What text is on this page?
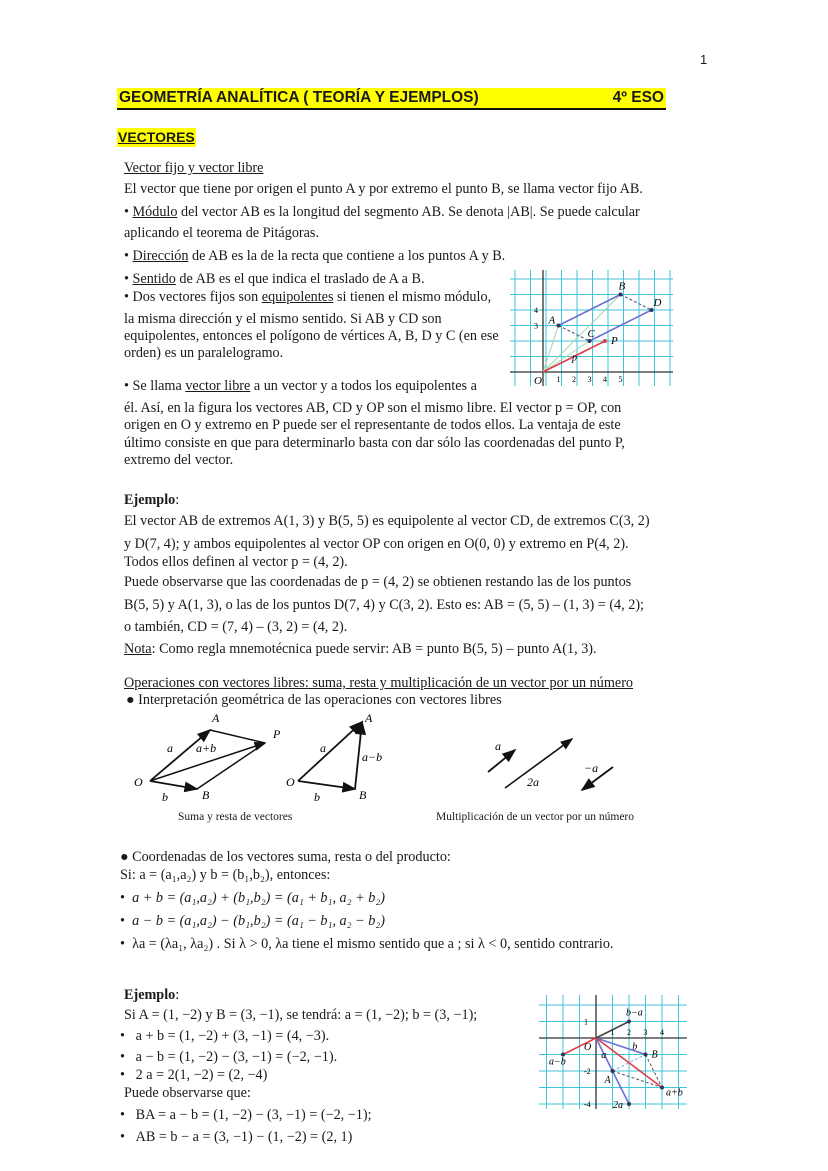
1
GEOMETRÍA ANALÍTICA ( TEORÍA Y EJEMPLOS)	4º ESO
VECTORES
Vector fijo y vector libre
El vector que tiene por origen el punto A y por extremo el punto B, se llama vector fijo AB.
• Módulo del vector AB es la longitud del segmento AB. Se denota |AB|. Se puede calcular
aplicando el teorema de Pitágoras.
• Dirección de AB es la de la recta que contiene a los puntos A y B.
• Sentido de AB es el que indica el traslado de A a B.
• Dos vectores fijos son equipolentes si tienen el mismo módulo,
la misma dirección y el mismo sentido. Si AB y CD son
equipolentes, entonces el polígono de vértices A, B, D y C (en ese
orden) es un paralelogramo.
• Se llama vector libre a un vector y a todos los equipolentes a
él. Así, en la figura los vectores AB, CD y OP son el mismo libre. El vector p = OP, con
origen en O y extremo en P puede ser el representante de todos ellos. La ventaja de este
último consiste en que para determinarlo basta con dar sólo las coordenadas del punto P,
extremo del vector.
O
A
B
C
D
P
1 2 3 4 5
3
4
p
Ejemplo:
El vector AB de extremos A(1, 3) y B(5, 5) es equipolente al vector CD, de extremos C(3, 2)
y D(7, 4); y ambos equipolentes al vector OP con origen en O(0, 0) y extremo en P(4, 2).
Todos ellos definen al vector p = (4, 2).
Puede observarse que las coordenadas de p = (4, 2) se obtienen restando las de los puntos
B(5, 5) y A(1, 3), o las de los puntos D(7, 4) y C(3, 2). Esto es: AB = (5, 5) – (1, 3) = (4, 2);
o también, CD = (7, 4) – (3, 2) = (4, 2).
Nota: Como regla mnemotécnica puede servir: AB = punto B(5, 5) – punto A(1, 3).
Operaciones con vectores libres: suma, resta y multiplicación de un vector por un número
● Interpretación geométrica de las operaciones con vectores libres
A
P
O
B
a
b
a+b
A
O
B
a
b
a−b
Suma y resta de vectores
a
2a
−a
Multiplicación de un vector por un número
● Coordenadas de los vectores suma, resta o del producto:
Si: a = (a₁,a₂) y b = (b₁,b₂), entonces:
•  a + b = (a₁,a₂) + (b₁,b₂) = (a₁ + b₁, a₂ + b₂)
•  a − b = (a₁,a₂) − (b₁,b₂) = (a₁ − b₁, a₂ − b₂)
•  λa = (λa₁, λa₂) . Si λ > 0, λa tiene el mismo sentido que a ; si λ < 0, sentido contrario.
Ejemplo:
Si A = (1, −2) y B = (3, −1), se tendrá: a = (1, −2); b = (3, −1);
•   a + b = (1, −2) + (3, −1) = (4, −3).
•   a − b = (1, −2) − (3, −1) = (−2, −1).
•   2 a = 2(1, −2) = (2, −4)
Puede observarse que:
•   BA = a − b = (1, −2) − (3, −1) = (−2, −1);
•   AB = b − a = (3, −1) − (1, −2) = (2, 1)
O
A
B
b−a
a−b
a+b
2a
b
a
1 2 3 4
1
-2
-4
